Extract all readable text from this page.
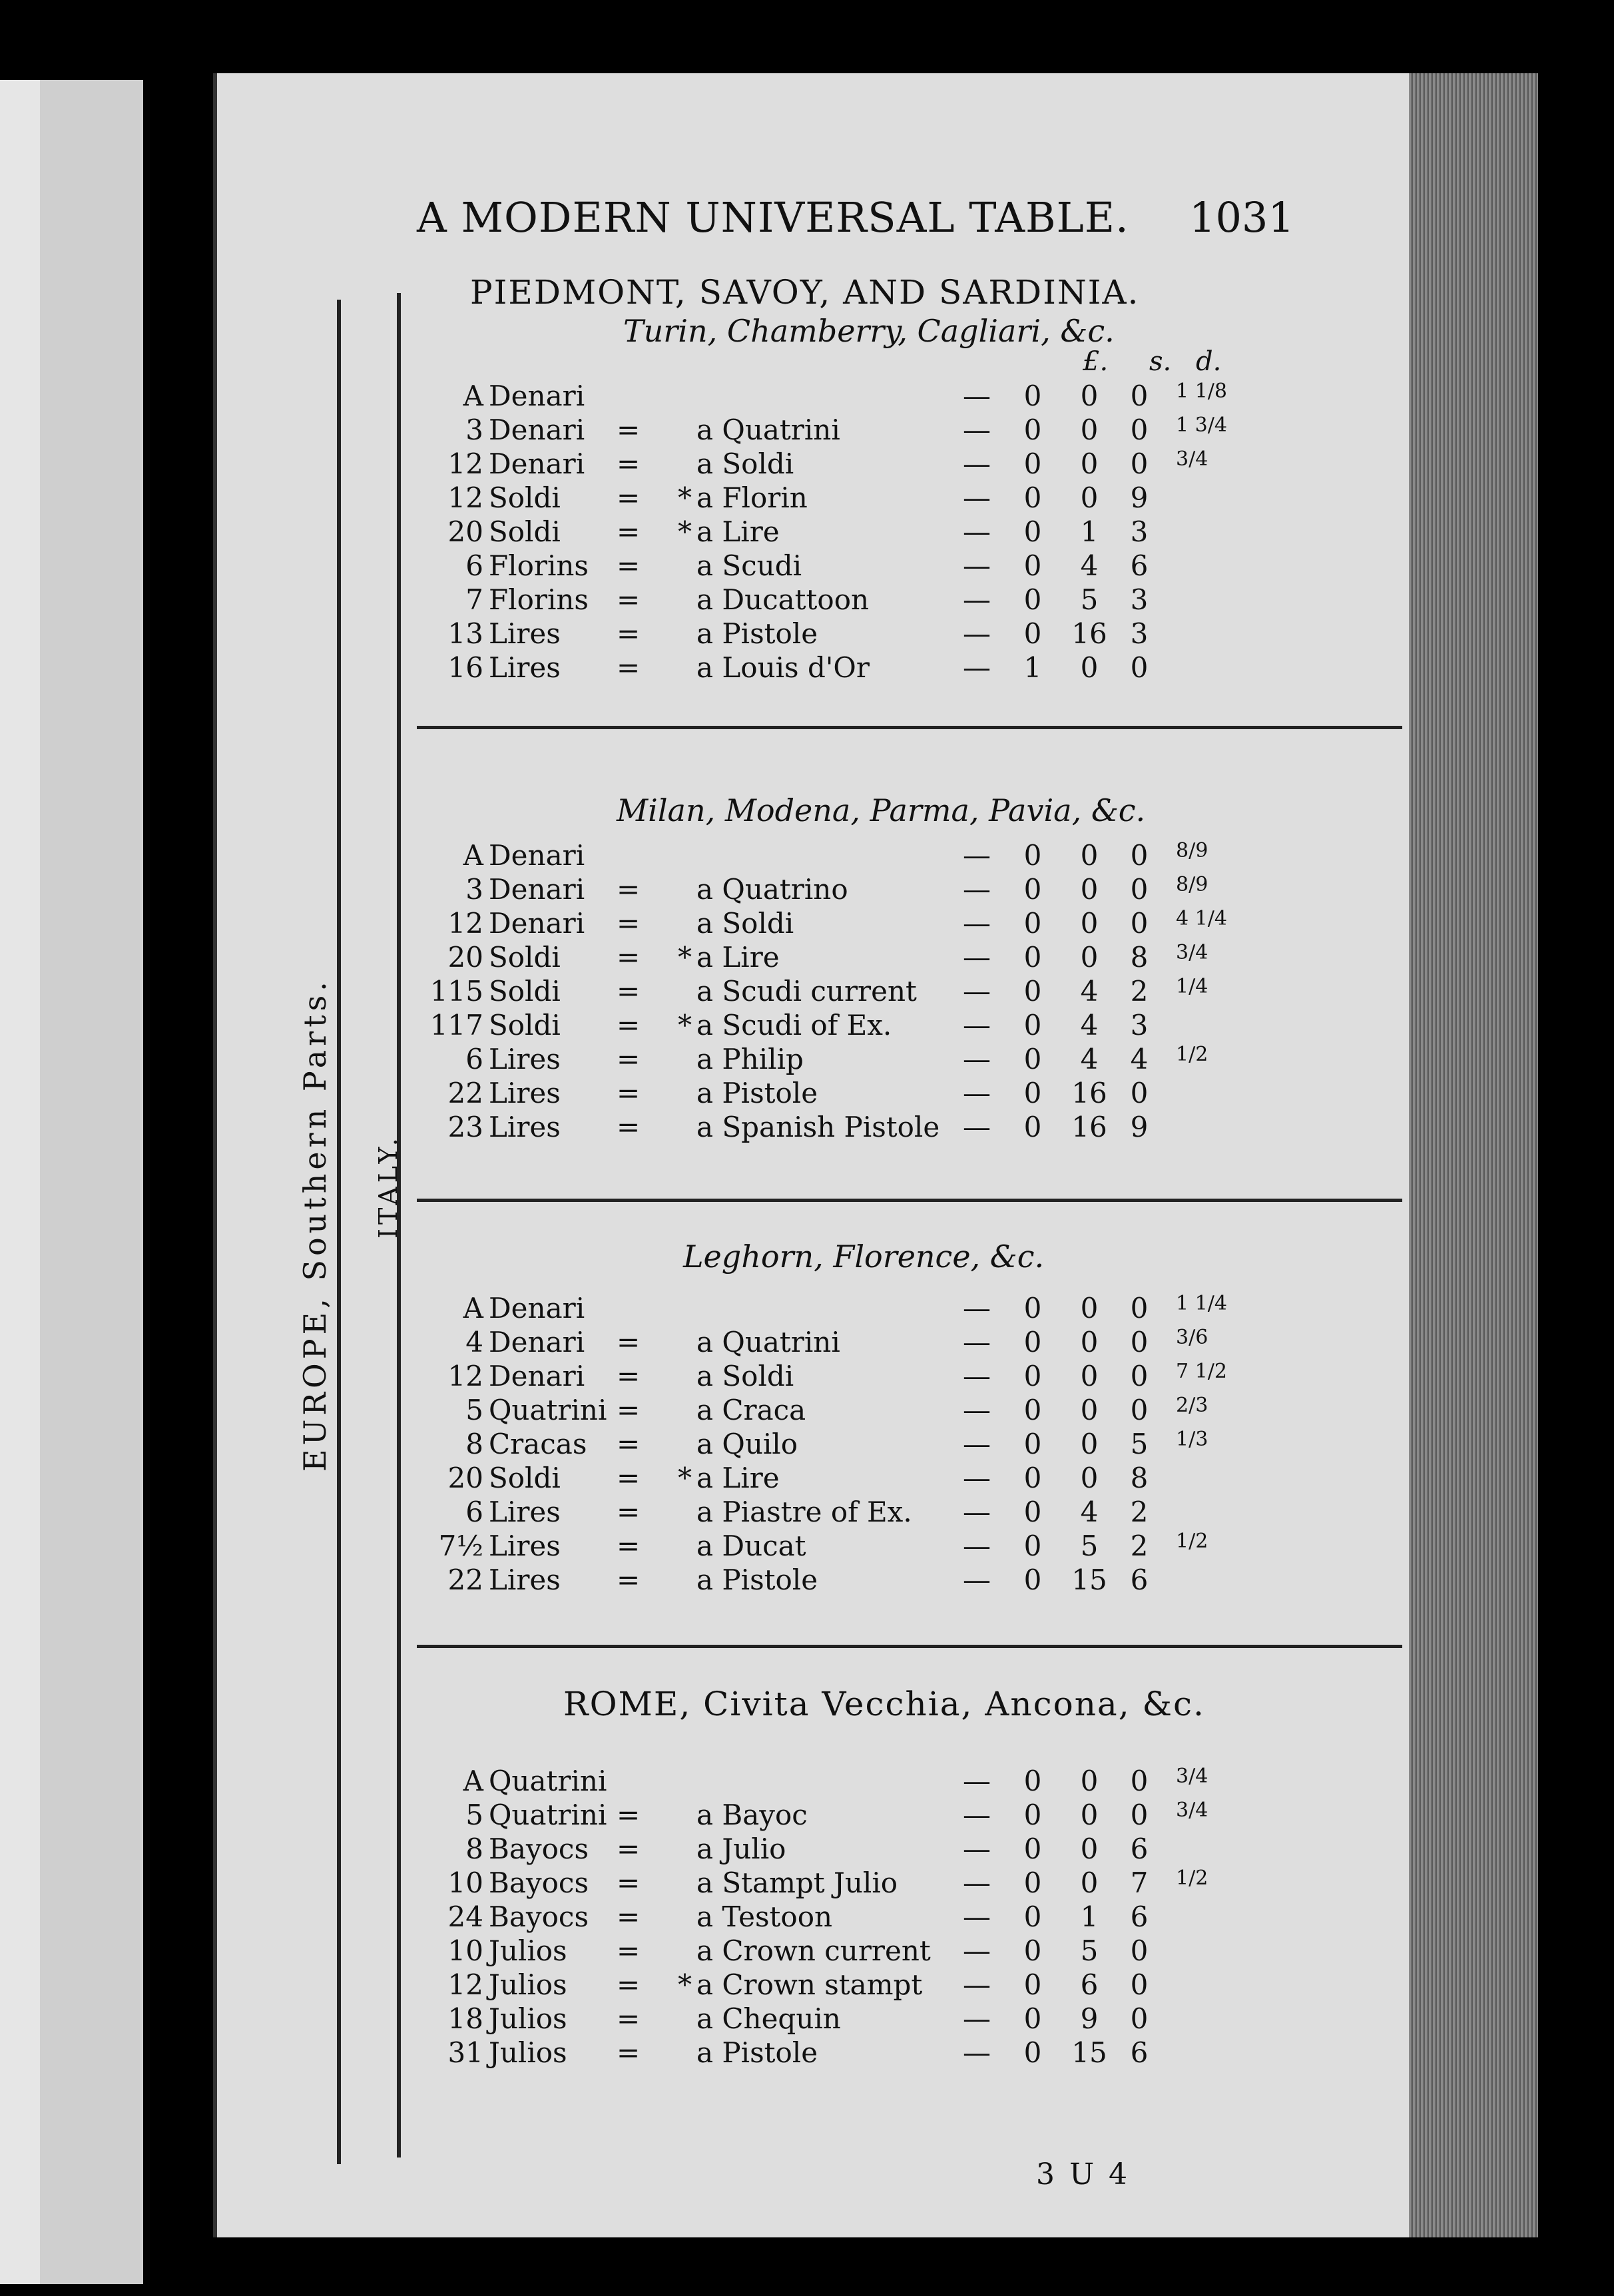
A MODERN UNIVERSAL TABLE. 1031
EUROPE, Southern Parts. ITALY.
£. s. d.
PIEDMONT, SAVOY, AND SARDINIA.
Turin, Chamberry, Cagliari, &c.
A Denari	— 0	0	0	1 1/8
3 Denari = a Quatrini	— 0	0	0	1 3/4
12 Denari = a Soldi	— 0	0	0	3/4
12 Soldi = * a Florin	— 0	0	9
20 Soldi = * a Lire	— 0	1	3
6 Florins = a Scudi	— 0	4	6
7 Florins = a Ducattoon	— 0	5	3
13 Lires = a Pistole	— 0 16 3
16 Lires = a Louis d'Or	— 1	0	0
Milan, Modena, Parma, Pavia, &c.
A Denari	— 0	0	0	8/9
3 Denari = a Quatrino	— 0	0	0	8/9
12 Denari = a Soldi	— 0	0	0	4 1/4
20 Soldi = * a Lire	— 0	0	8	3/4
115 Soldi = a Scudi current — 0	4	2	1/4
117 Soldi = * a Scudi of Ex.	— 0	4	3
6 Lires = a Philip	— 0	4	4	1/2
22 Lires = a Pistole	— 0 16 0
23 Lires = a Spanish Pistole — 0 16 9
Leghorn, Florence, &c.
A Denari	— 0	0	0	1 1/4
4 Denari = a Quatrini	— 0	0	0	3/6
12 Denari = a Soldi	— 0	0	0	7 1/2
5 Quatrini = a Craca	— 0	0	0	2/3
8 Cracas = a Quilo	— 0	0	5	1/3
20 Soldi = * a Lire	— 0	0	8
6 Lires = a Piastre of Ex. — 0	4	2
7½ Lires = a Ducat	— 0	5	2	1/2
22 Lires = a Pistole	— 0 15 6
ROME, Civita Vecchia, Ancona, &c.
A Quatrini	— 0	0	0	3/4
5 Quatrini = a Bayoc	— 0	0	0	3/4
8 Bayocs = a Julio	— 0	0	6
10 Bayocs = a Stampt Julio — 0	0	7	1/2
24 Bayocs = a Testoon	— 0	1	6
10 Julios = a Crown current — 0	5	0
12 Julios = * a Crown stampt — 0	6	0
18 Julios = a Chequin	— 0	9	0
31 Julios = a Pistole	— 0 15 6
3 U 4
